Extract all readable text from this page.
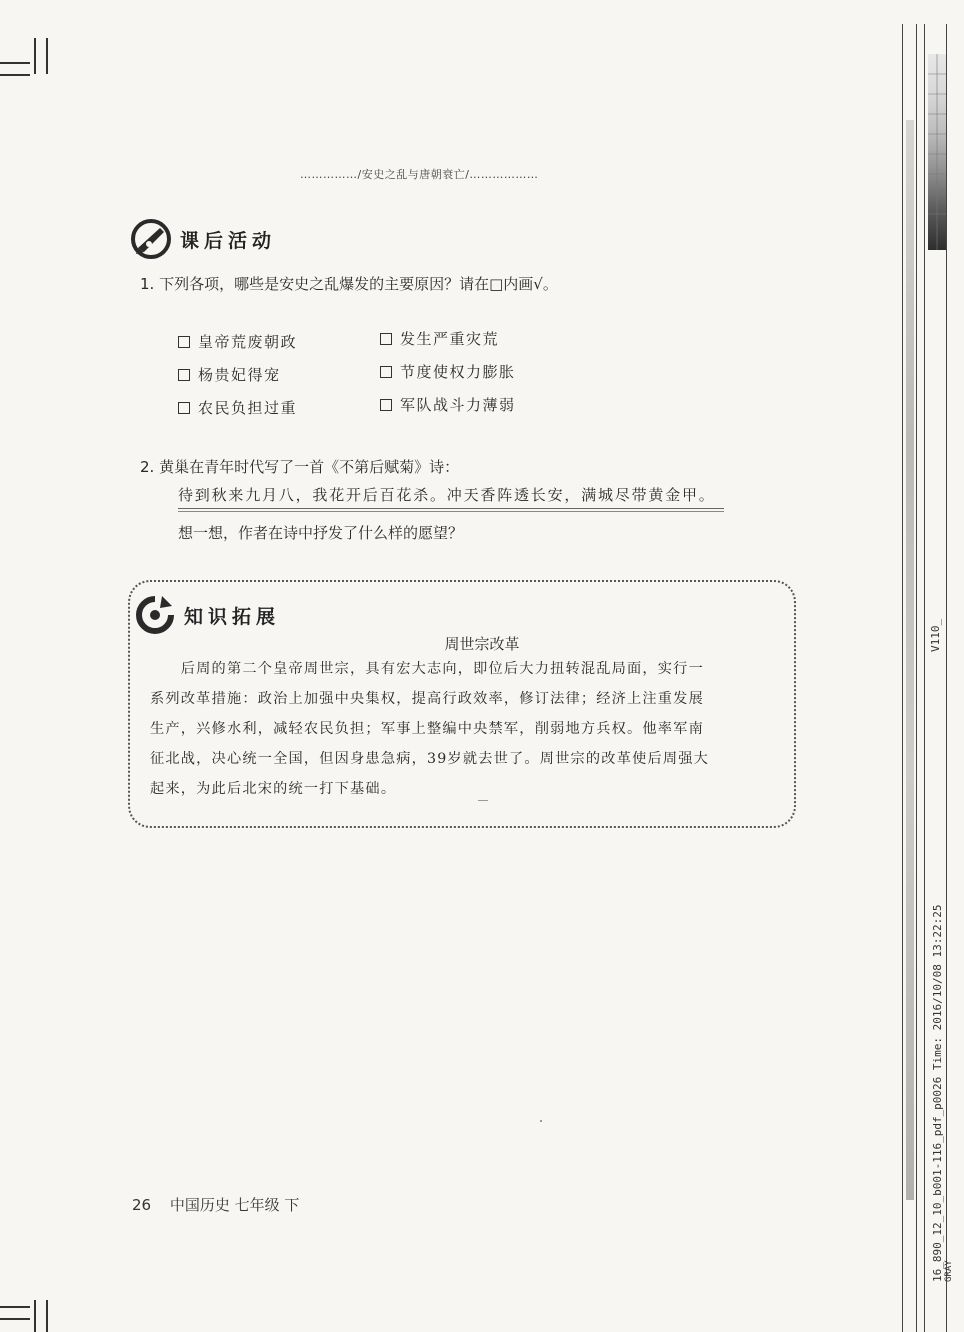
……………/安史之乱与唐朝衰亡/………………
课后活动
1. 下列各项，哪些是安史之乱爆发的主要原因？请在□内画√。
皇帝荒废朝政	发生严重灾荒
杨贵妃得宠	节度使权力膨胀
农民负担过重	军队战斗力薄弱
2. 黄巢在青年时代写了一首《不第后赋菊》诗：
待到秋来九月八，我花开后百花杀。冲天香阵透长安，满城尽带黄金甲。
想一想，作者在诗中抒发了什么样的愿望？
知识拓展
周世宗改革
　　后周的第二个皇帝周世宗，具有宏大志向，即位后大力扭转混乱局面，实行一
系列改革措施：政治上加强中央集权，提高行政效率，修订法律；经济上注重发展
生产，兴修水利，减轻农民负担；军事上整编中央禁军，削弱地方兵权。他率军南
征北战，决心统一全国，但因身患急病，39岁就去世了。周世宗的改革使后周强大
起来，为此后北宋的统一打下基础。
26 中国历史 七年级 下
V110_
16_890_12_10_b001-116_pdf_p0026 Time: 2016/10/08 13:22:25 GRAY
